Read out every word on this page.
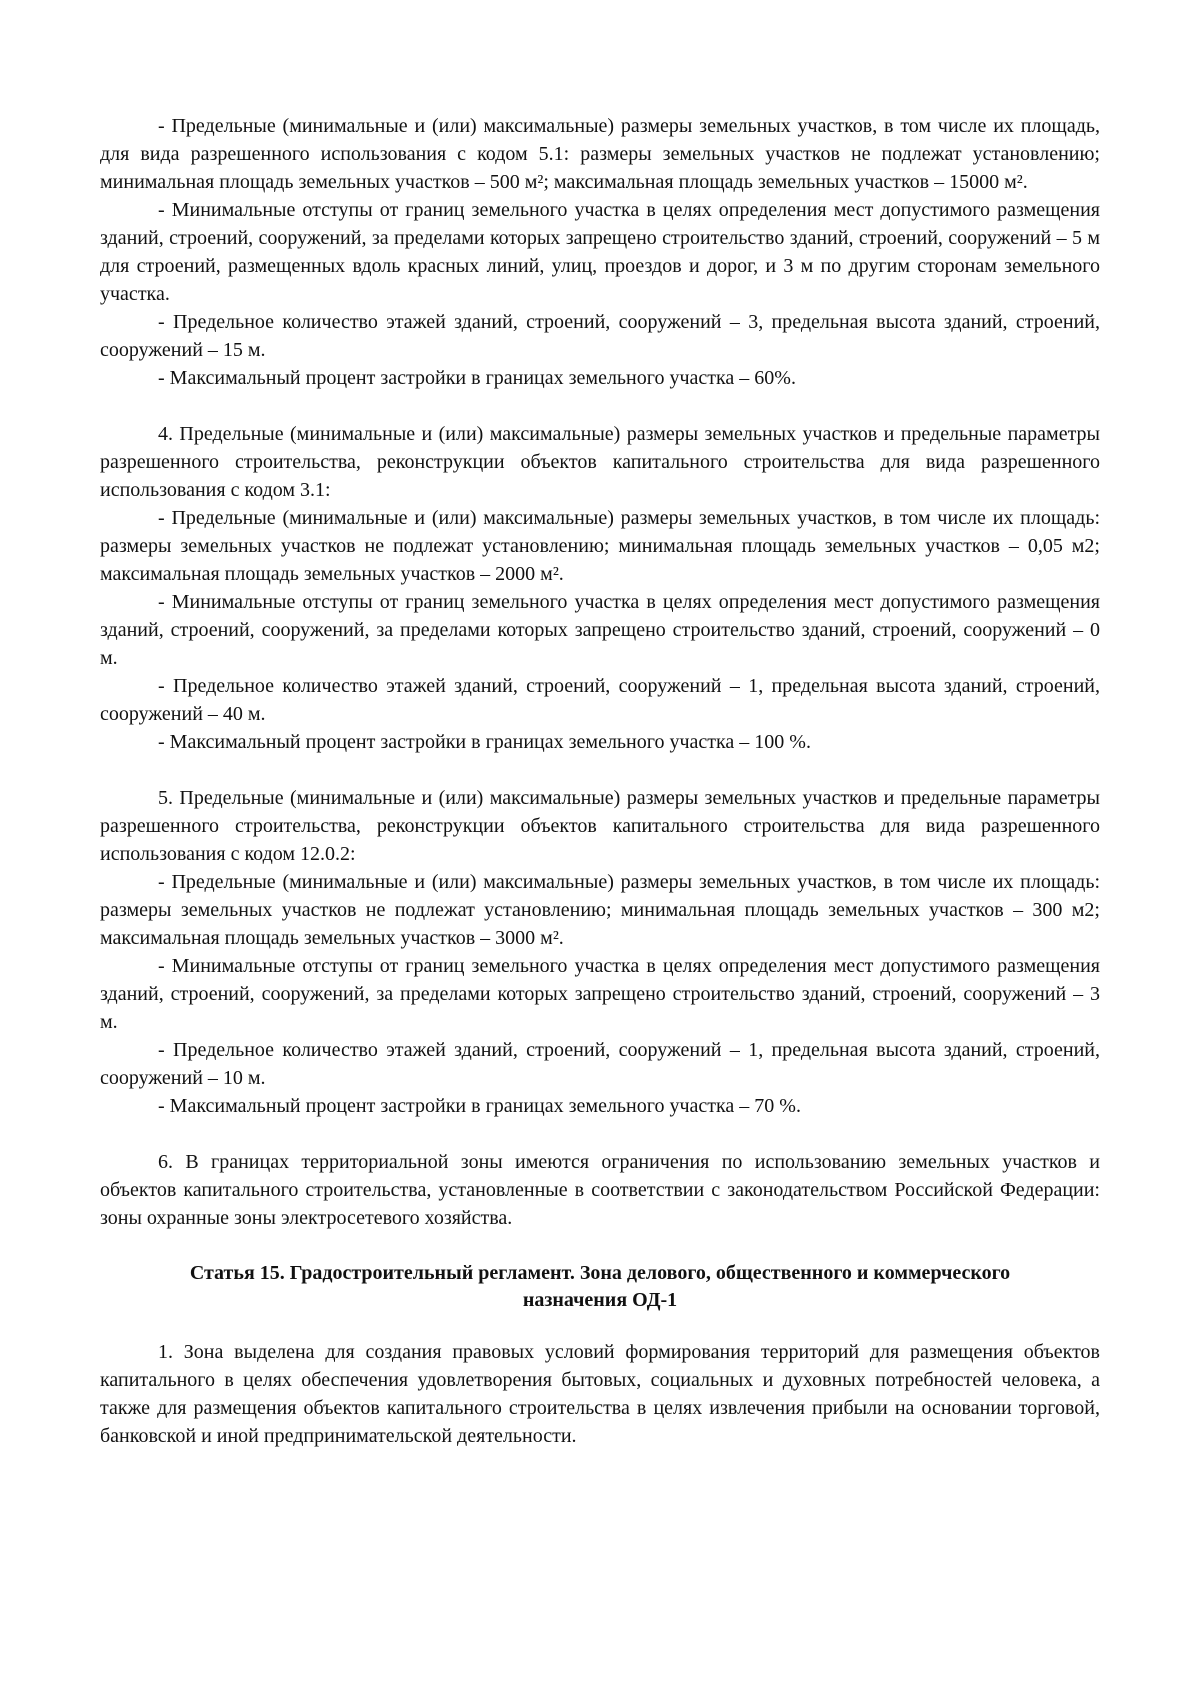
- Предельные (минимальные и (или) максимальные) размеры земельных участков, в том числе их площадь, для вида разрешенного использования с кодом 5.1: размеры земельных участков не подлежат установлению; минимальная площадь земельных участков – 500 м²; максимальная площадь земельных участков – 15000 м².

- Минимальные отступы от границ земельного участка в целях определения мест допустимого размещения зданий, строений, сооружений, за пределами которых запрещено строительство зданий, строений, сооружений – 5 м для строений, размещенных вдоль красных линий, улиц, проездов и дорог, и 3 м по другим сторонам земельного участка.

- Предельное количество этажей зданий, строений, сооружений – 3, предельная высота зданий, строений, сооружений – 15 м.

- Максимальный процент застройки в границах земельного участка – 60%.

4. Предельные (минимальные и (или) максимальные) размеры земельных участков и предельные параметры разрешенного строительства, реконструкции объектов капитального строительства для вида разрешенного использования с кодом 3.1:

- Предельные (минимальные и (или) максимальные) размеры земельных участков, в том числе их площадь: размеры земельных участков не подлежат установлению; минимальная площадь земельных участков – 0,05 м2; максимальная площадь земельных участков – 2000 м².

- Минимальные отступы от границ земельного участка в целях определения мест допустимого размещения зданий, строений, сооружений, за пределами которых запрещено строительство зданий, строений, сооружений – 0 м.

- Предельное количество этажей зданий, строений, сооружений – 1, предельная высота зданий, строений, сооружений – 40 м.

- Максимальный процент застройки в границах земельного участка – 100 %.

5. Предельные (минимальные и (или) максимальные) размеры земельных участков и предельные параметры разрешенного строительства, реконструкции объектов капитального строительства для вида разрешенного использования с кодом 12.0.2:

- Предельные (минимальные и (или) максимальные) размеры земельных участков, в том числе их площадь: размеры земельных участков не подлежат установлению; минимальная площадь земельных участков – 300 м2; максимальная площадь земельных участков – 3000 м².

- Минимальные отступы от границ земельного участка в целях определения мест допустимого размещения зданий, строений, сооружений, за пределами которых запрещено строительство зданий, строений, сооружений – 3 м.

- Предельное количество этажей зданий, строений, сооружений – 1, предельная высота зданий, строений, сооружений – 10 м.

- Максимальный процент застройки в границах земельного участка – 70 %.

6. В границах территориальной зоны имеются ограничения по использованию земельных участков и объектов капитального строительства, установленные в соответствии с законодательством Российской Федерации: зоны охранные зоны электросетевого хозяйства.

Статья 15. Градостроительный регламент. Зона делового, общественного и коммерческого
назначения ОД-1

1. Зона выделена для создания правовых условий формирования территорий для размещения объектов капитального в целях обеспечения удовлетворения бытовых, социальных и духовных потребностей человека, а также для размещения объектов капитального строительства в целях извлечения прибыли на основании торговой, банковской и иной предпринимательской деятельности.
